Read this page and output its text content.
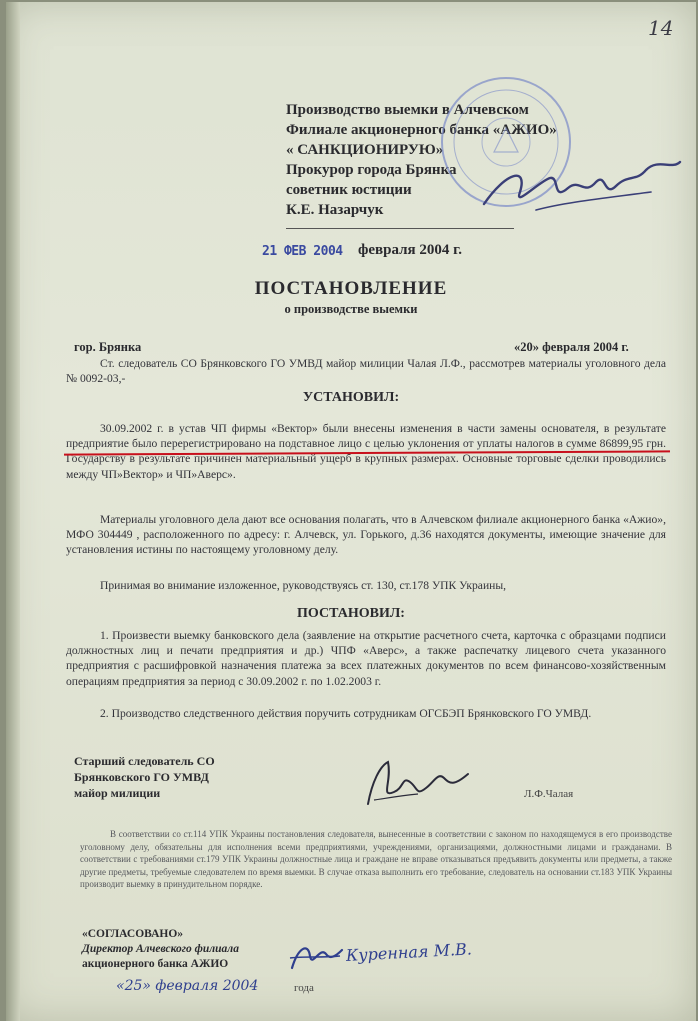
14
Производство выемки в Алчевском
Филиале акционерного банка «АЖИО»
« САНКЦИОНИРУЮ»
Прокурор города Брянка
советник юстиции
К.Е. Назарчук
21 ФЕВ 2004 февраля 2004 г.
ПОСТАНОВЛЕНИЕ
о производстве выемки
гор. Брянка	«20» февраля 2004 г.
Ст. следователь СО Брянковского ГО УМВД майор милиции Чалая Л.Ф., рассмотрев материалы уголовного дела № 0092-03,-
УСТАНОВИЛ:
30.09.2002 г. в устав ЧП фирмы «Вектор» были внесены изменения в части замены основателя, в результате предприятие было перерегистрировано на подставное лицо с целью уклонения от уплаты налогов в сумме 86899,95 грн. Государству в результате причинен материальный ущерб в крупных размерах. Основные торговые сделки проводились между ЧП»Вектор» и ЧП»Аверс».
Материалы уголовного дела дают все основания полагать, что в Алчевском филиале акционерного банка «Ажио», МФО 304449 , расположенного по адресу: г. Алчевск, ул. Горького, д.36 находятся документы, имеющие значение для установления истины по настоящему уголовному делу.
Принимая во внимание изложенное, руководствуясь ст. 130, ст.178 УПК Украины,
ПОСТАНОВИЛ:
1. Произвести выемку банковского дела (заявление на открытие расчетного счета, карточка с образцами подписи должностных лиц и печати предприятия и др.) ЧПФ «Аверс», а также распечатку лицевого счета указанного предприятия с расшифровкой назначения платежа за всех платежных документов по всем финансово-хозяйственным операциям предприятия за период с 30.09.2002 г. по 1.02.2003 г.
2. Производство следственного действия поручить сотрудникам ОГСБЭП Брянковского ГО УМВД.
Старший следователь СО
Брянковского ГО УМВД
майор милиции	Л.Ф.Чалая
В соответствии со ст.114 УПК Украины постановления следователя, вынесенные в соответствии с законом по находящемуся в его производстве уголовному делу, обязательны для исполнения всеми предприятиями, учреждениями, организациями, должностными лицами и гражданами. В соответствии с требованиями ст.179 УПК Украины должностные лица и граждане не вправе отказываться предъявить документы или предметы, а также другие предметы, требуемые следователем по время выемки. В случае отказа выполнить его требование, следователь на основании ст.183 УПК Украины производит выемку в принудительном порядке.
«СОГЛАСОВАНО»
Директор Алчевского филиала
акционерного банка АЖИО	Куренная М.В.
«25» февраля 2004	года
